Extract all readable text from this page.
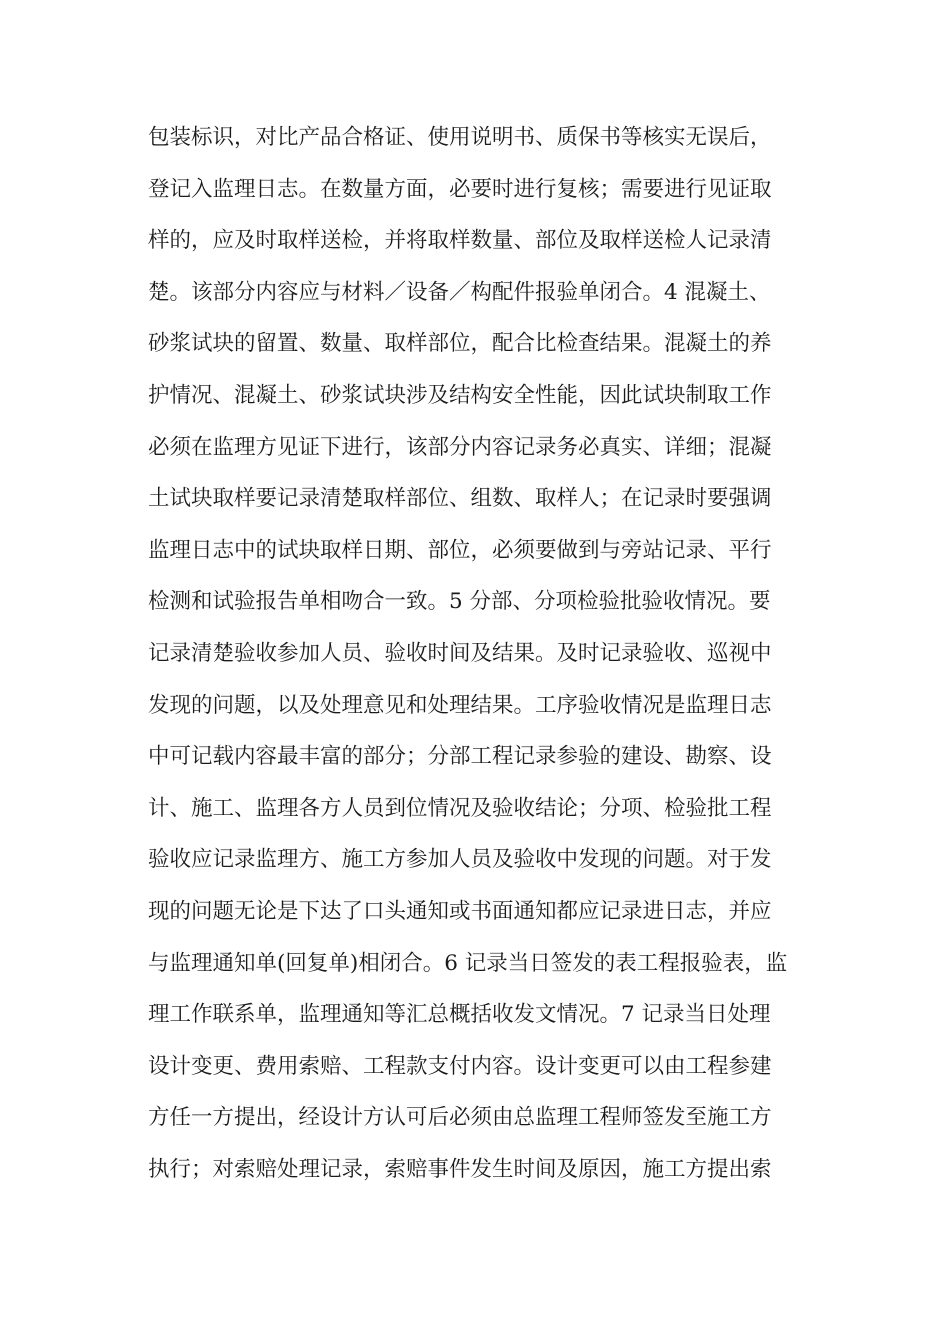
包装标识，对比产品合格证、使用说明书、质保书等核实无误后，
登记入监理日志。在数量方面，必要时进行复核；需要进行见证取
样的，应及时取样送检，并将取样数量、部位及取样送检人记录清
楚。该部分内容应与材料／设备／构配件报验单闭合。4 混凝土、
砂浆试块的留置、数量、取样部位，配合比检查结果。混凝土的养
护情况、混凝土、砂浆试块涉及结构安全性能，因此试块制取工作
必须在监理方见证下进行，该部分内容记录务必真实、详细；混凝
土试块取样要记录清楚取样部位、组数、取样人；在记录时要强调
监理日志中的试块取样日期、部位，必须要做到与旁站记录、平行
检测和试验报告单相吻合一致。5 分部、分项检验批验收情况。要
记录清楚验收参加人员、验收时间及结果。及时记录验收、巡视中
发现的问题，以及处理意见和处理结果。工序验收情况是监理日志
中可记载内容最丰富的部分；分部工程记录参验的建设、勘察、设
计、施工、监理各方人员到位情况及验收结论；分项、检验批工程
验收应记录监理方、施工方参加人员及验收中发现的问题。对于发
现的问题无论是下达了口头通知或书面通知都应记录进日志，并应
与监理通知单(回复单)相闭合。6 记录当日签发的表工程报验表，监
理工作联系单，监理通知等汇总概括收发文情况。7 记录当日处理
设计变更、费用索赔、工程款支付内容。设计变更可以由工程参建
方任一方提出，经设计方认可后必须由总监理工程师签发至施工方
执行；对索赔处理记录，索赔事件发生时间及原因，施工方提出索
